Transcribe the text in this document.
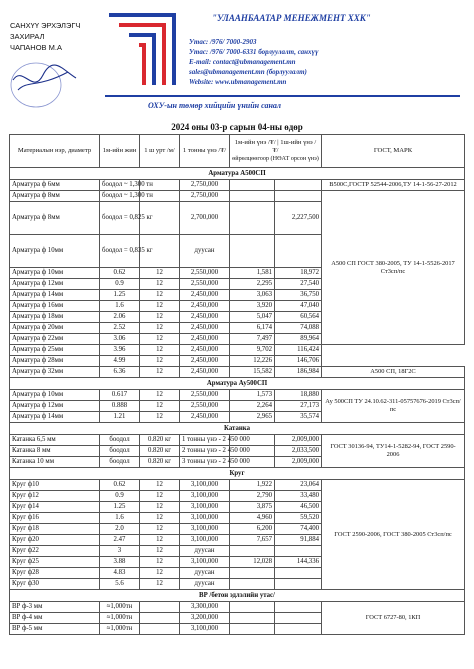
САНХҮҮ ЭРХЭЛЭГЧ
ЗАХИРАЛ
ЧАПАНОВ М.А
"УЛААНБААТАР МЕНЕЖМЕНТ ХХК"
Утас: /976/ 7000-2903
Утас: /976/ 7000-6331 борлуулалт, санхүү
E-mail: contact@ubmanagement.mn
sales@ubmanagement.mn (борлуулалт)
Website: www.ubmanagement.mn
ОХУ-ын төмөр хийцийн үнийн санал
2024 оны 03-р сарын 04-ны өдөр
Материалын нэр, диаметр	1м-ийн жин	1 ш урт /м/	1 тонны үнэ /₮/	1м-ийн үнэ /₮/ | 1ш-ийн үнэ /₮/
өйрөлцөөгоор (НӨАТ орсон үнэ)		ГОСТ, МАРК	
Арматура А500СП							
Арматура ф 6мм	боодол ~ 1,300 тн		2,750,000			В500С,ГОСТР 52544-2006,ТУ 14-1-56-27-2012	
Арматура ф 8мм	боодол ~ 1,300 тн		2,750,000			А500 СП ГОСТ 380-2005, ТУ 14-1-5526-2017 Ст3сп/пс	
Арматура ф 8мм	боодол = 0,825 кг		2,700,000		2,227,500	
Арматура ф 10мм	боодол = 0,835 кг		дуусан			
Арматура ф 10мм	0.62	12	2,550,000	1,581	18,972		
Арматура ф 12мм	0.9	12	2,550,000	2,295	27,540		
Арматура ф 14мм	1.25	12	2,450,000	3,063	36,750		
Арматура ф 16мм	1.6	12	2,450,000	3,920	47,040		
Арматура ф 18мм	2.06	12	2,450,000	5,047	60,564		
Арматура ф 20мм	2.52	12	2,450,000	6,174	74,088		
Арматура ф 22мм	3.06	12	2,450,000	7,497	89,964		
Арматура ф 25мм	3.96	12	2,450,000	9,702	116,424		
Арматура ф 28мм	4.99	12	2,450,000	12,226	146,706		
Арматура ф 32мм	6.36	12	2,450,000	15,582	186,984	А500 СП, 18Г2С	
Арматура Ау500СП							
Арматура ф 10мм	0.617	12	2,550,000	1,573	18,880	Ау 500СП ТУ 24.10.62-311-05757676-2019 Ст3сп/пс	
Арматура ф 12мм	0.888	12	2,550,000	2,264	27,173		
Арматура ф 14мм	1.21	12	2,450,000	2,965	35,574		
Катанка							
Катанка 6,5 мм	боодол	0.820 кг	1 тонны үнэ - 2 450 000		2,009,000	ГОСТ 30136-94, ТУ14-1-5282-94, ГОСТ 2590-2006	
Катанка 8 мм	боодол	0.820 кг	2 тонны үнэ - 2 450 000		2,033,500		
Катанка 10 мм	боодол	0.820 кг	3 тонны үнэ - 2 450 000		2,009,000		
Круг							
Круг ф10	0.62	12	3,100,000	1,922	23,064	ГОСТ 2590-2006, ГОСТ 380-2005 Ст3сп/пс	
Круг ф12	0.9	12	3,100,000	2,790	33,480		
Круг ф14	1.25	12	3,100,000	3,875	46,500		
Круг ф16	1.6	12	3,100,000	4,960	59,520		
Круг ф18	2.0	12	3,100,000	6,200	74,400		
Круг ф20	2.47	12	3,100,000	7,657	91,884		
Круг ф22	3	12	дуусан				
Круг ф25	3.88	12	3,100,000	12,028	144,336		
Круг ф28	4.83	12	дуусан				
Круг ф30	5.6	12	дуусан				
ВР /бетон эдлэлийн утас/							
ВР ф-3 мм	≈1,000тн		3,300,000			ГОСТ 6727-80, 1КП	
ВР ф-4 мм	≈1,000тн		3,200,000				
ВР ф-5 мм	≈1,000тн		3,100,000				
